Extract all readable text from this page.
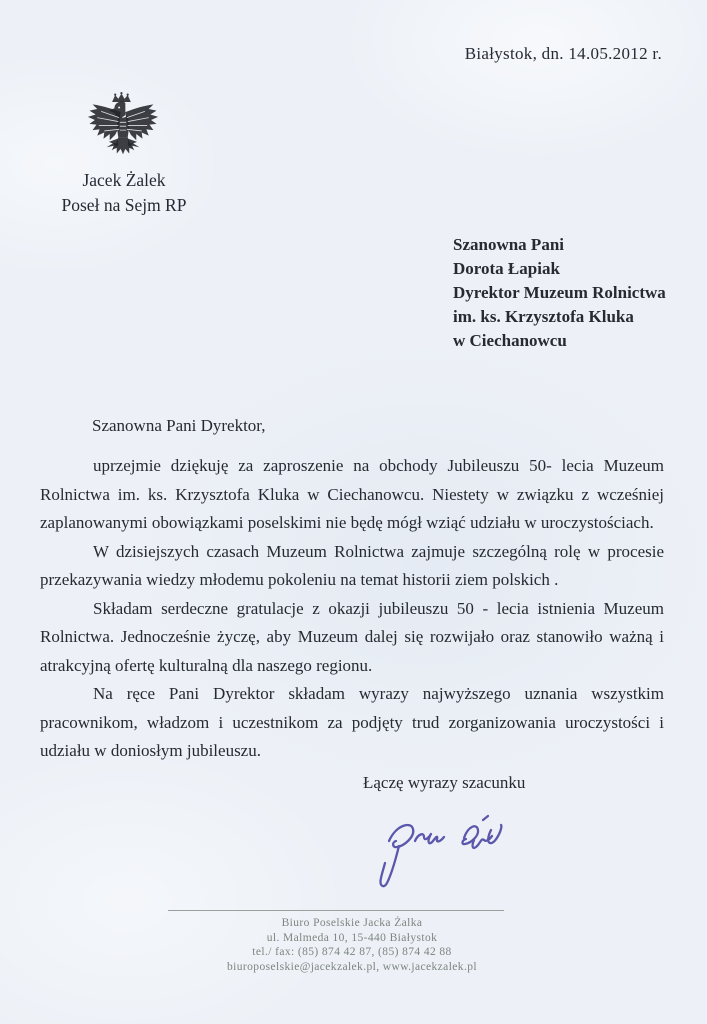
Białystok, dn. 14.05.2012 r.
Jacek Żalek
Poseł na Sejm RP
Szanowna Pani
Dorota Łapiak
Dyrektor Muzeum Rolnictwa
im. ks. Krzysztofa Kluka
w Ciechanowcu
Szanowna Pani Dyrektor,

uprzejmie dziękuję za zaproszenie na obchody Jubileuszu 50- lecia Muzeum Rolnictwa im. ks. Krzysztofa Kluka w Ciechanowcu. Niestety w związku z wcześniej zaplanowanymi obowiązkami poselskimi nie będę mógł wziąć udziału w uroczystościach.

W dzisiejszych czasach Muzeum Rolnictwa zajmuje szczególną rolę w procesie przekazywania wiedzy młodemu pokoleniu na temat historii ziem polskich .

Składam serdeczne gratulacje z okazji jubileuszu 50 - lecia istnienia Muzeum Rolnictwa. Jednocześnie życzę, aby Muzeum dalej się rozwijało oraz stanowiło ważną i atrakcyjną ofertę kulturalną dla naszego regionu.

Na ręce Pani Dyrektor składam wyrazy najwyższego uznania wszystkim pracownikom, władzom i uczestnikom za podjęty trud zorganizowania uroczystości i udziału w doniosłym jubileuszu.

Łączę wyrazy szacunku
Biuro Poselskie Jacka Żalka
ul. Malmeda 10, 15-440 Białystok
tel./ fax: (85) 874 42 87, (85) 874 42 88
biuroposelskie@jacekzalek.pl, www.jacekzalek.pl
